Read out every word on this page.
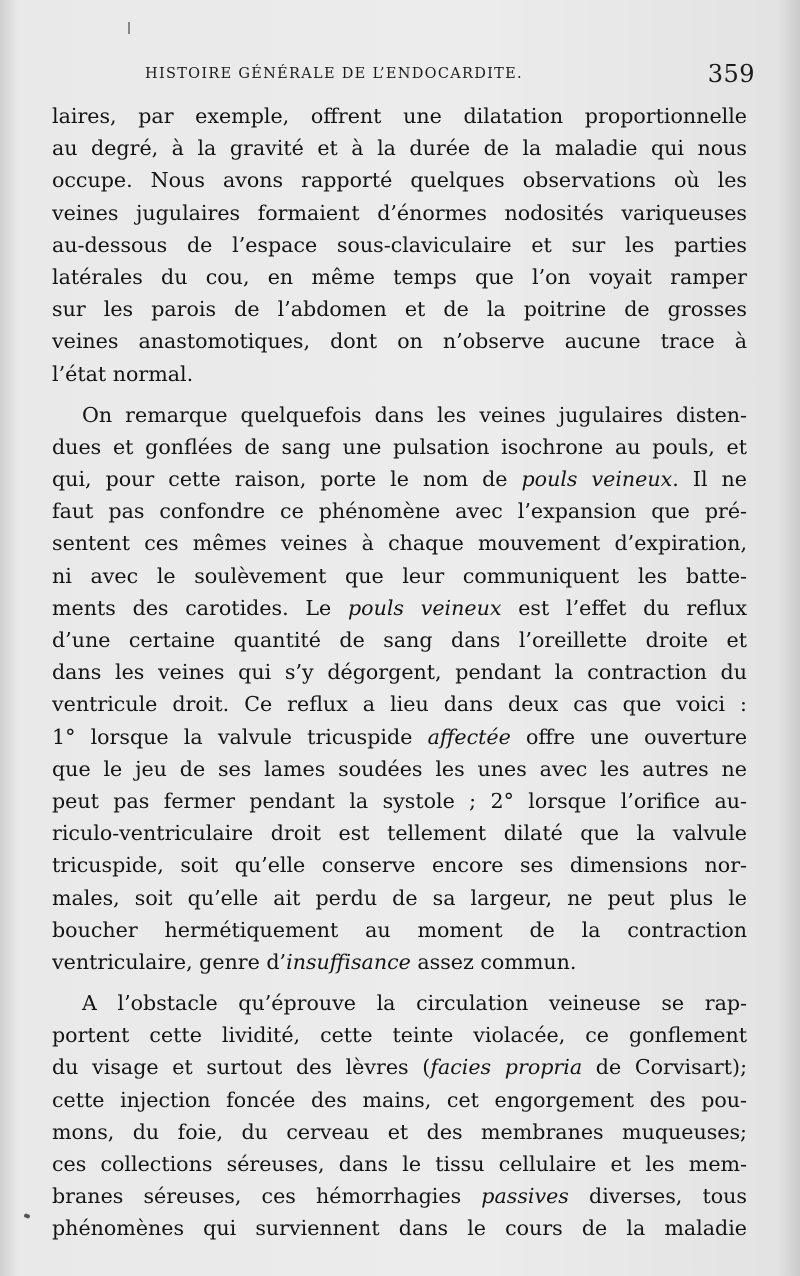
HISTOIRE GÉNÉRALE DE L’ENDOCARDITE.	359
laires, par exemple, offrent une dilatation proportionnelle
au degré, à la gravité et à la durée de la maladie qui nous
occupe. Nous avons rapporté quelques observations où les
veines jugulaires formaient d’énormes nodosités variqueuses
au-dessous de l’espace sous-claviculaire et sur les parties
latérales du cou, en même temps que l’on voyait ramper
sur les parois de l’abdomen et de la poitrine de grosses
veines anastomotiques, dont on n’observe aucune trace à
l’état normal.
On remarque quelquefois dans les veines jugulaires disten-
dues et gonflées de sang une pulsation isochrone au pouls, et
qui, pour cette raison, porte le nom de pouls veineux. Il ne
faut pas confondre ce phénomène avec l’expansion que pré-
sentent ces mêmes veines à chaque mouvement d’expiration,
ni avec le soulèvement que leur communiquent les batte-
ments des carotides. Le pouls veineux est l’effet du reflux
d’une certaine quantité de sang dans l’oreillette droite et
dans les veines qui s’y dégorgent, pendant la contraction du
ventricule droit. Ce reflux a lieu dans deux cas que voici :
1° lorsque la valvule tricuspide affectée offre une ouverture
que le jeu de ses lames soudées les unes avec les autres ne
peut pas fermer pendant la systole ; 2° lorsque l’orifice au-
riculo-ventriculaire droit est tellement dilaté que la valvule
tricuspide, soit qu’elle conserve encore ses dimensions nor-
males, soit qu’elle ait perdu de sa largeur, ne peut plus le
boucher hermétiquement au moment de la contraction
ventriculaire, genre d’insuffisance assez commun.
A l’obstacle qu’éprouve la circulation veineuse se rap-
portent cette lividité, cette teinte violacée, ce gonflement
du visage et surtout des lèvres (facies propria de Corvisart);
cette injection foncée des mains, cet engorgement des pou-
mons, du foie, du cerveau et des membranes muqueuses;
ces collections séreuses, dans le tissu cellulaire et les mem-
branes séreuses, ces hémorrhagies passives diverses, tous
phénomènes qui surviennent dans le cours de la maladie
